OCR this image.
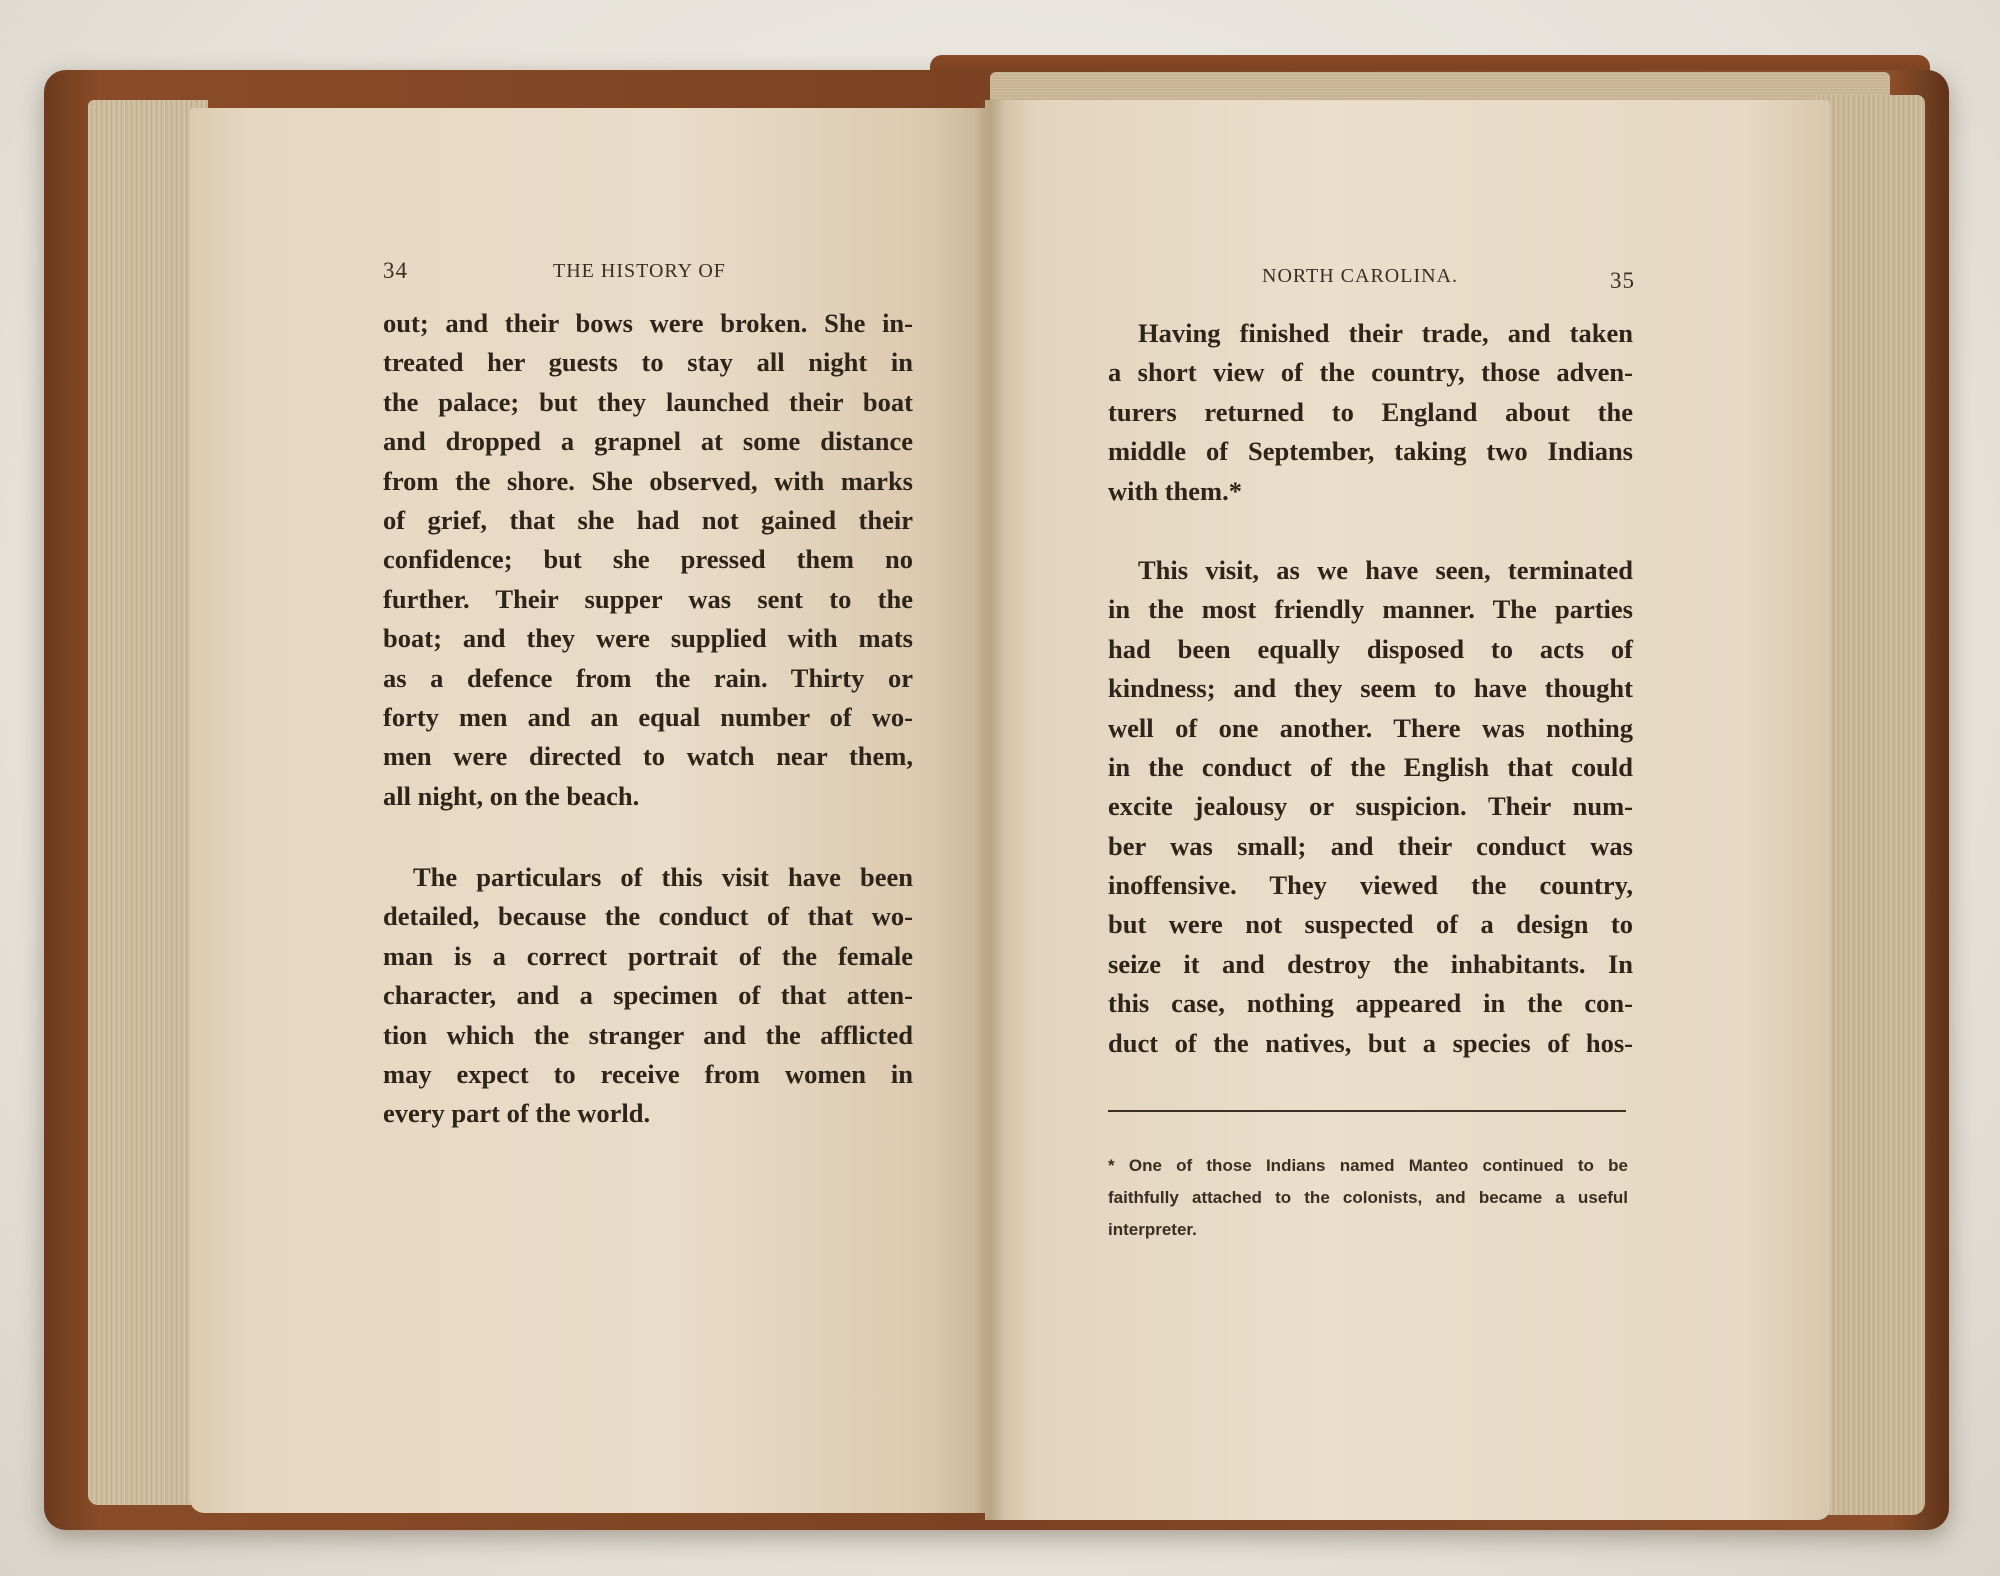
34	THE HISTORY OF	NORTH CAROLINA.	35
out; and their bows were broken. She in-
treated her guests to stay all night in
the palace; but they launched their boat
and dropped a grapnel at some distance
from the shore. She observed, with marks
of grief, that she had not gained their
confidence; but she pressed them no
further. Their supper was sent to the
boat; and they were supplied with mats
as a defence from the rain. Thirty or
forty men and an equal number of wo-
men were directed to watch near them,
all night, on the beach.
The particulars of this visit have been
detailed, because the conduct of that wo-
man is a correct portrait of the female
character, and a specimen of that atten-
tion which the stranger and the afflicted
may expect to receive from women in
every part of the world.
Having finished their trade, and taken
a short view of the country, those adven-
turers returned to England about the
middle of September, taking two Indians
with them.*
This visit, as we have seen, terminated
in the most friendly manner. The parties
had been equally disposed to acts of
kindness; and they seem to have thought
well of one another. There was nothing
in the conduct of the English that could
excite jealousy or suspicion. Their num-
ber was small; and their conduct was
inoffensive. They viewed the country,
but were not suspected of a design to
seize it and destroy the inhabitants. In
this case, nothing appeared in the con-
duct of the natives, but a species of hos-
* One of those Indians named Manteo continued to be
faithfully attached to the colonists, and became a useful
interpreter.
